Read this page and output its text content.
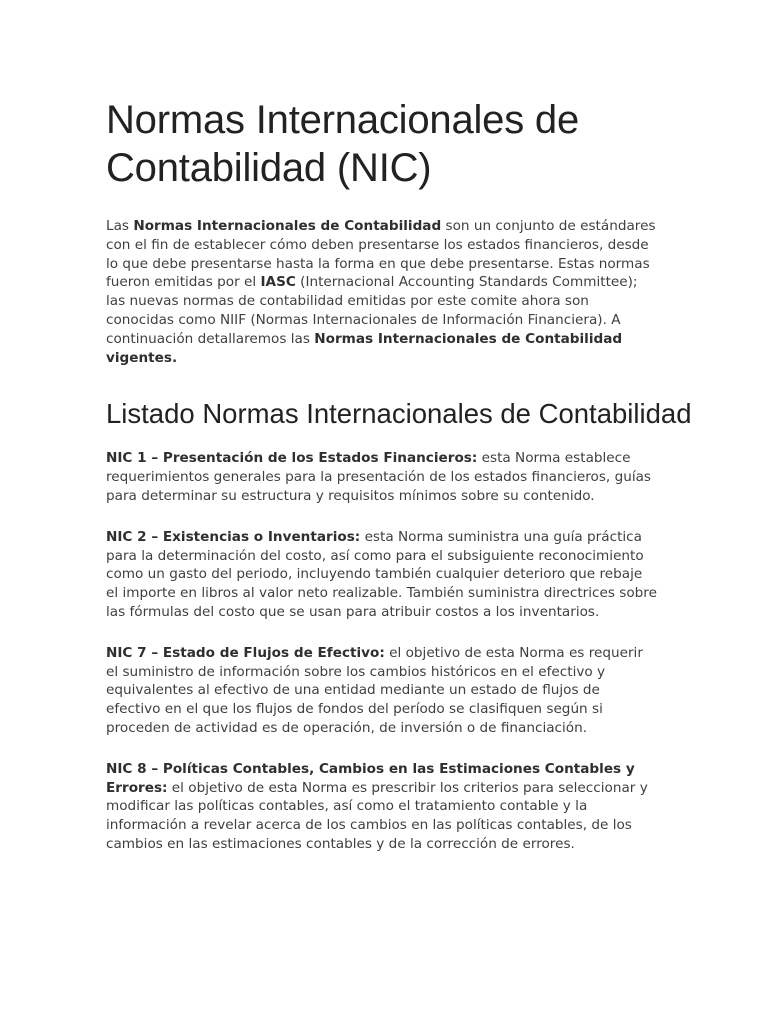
Normas Internacionales de Contabilidad (NIC)

Las Normas Internacionales de Contabilidad son un conjunto de estándares con el fin de establecer cómo deben presentarse los estados financieros, desde lo que debe presentarse hasta la forma en que debe presentarse. Estas normas fueron emitidas por el IASC (Internacional Accounting Standards Committee); las nuevas normas de contabilidad emitidas por este comite ahora son conocidas como NIIF (Normas Internacionales de Información Financiera). A continuación detallaremos las Normas Internacionales de Contabilidad vigentes.

Listado Normas Internacionales de Contabilidad

NIC 1 – Presentación de los Estados Financieros: esta Norma establece requerimientos generales para la presentación de los estados financieros, guías para determinar su estructura y requisitos mínimos sobre su contenido.

NIC 2 – Existencias o Inventarios: esta Norma suministra una guía práctica para la determinación del costo, así como para el subsiguiente reconocimiento como un gasto del periodo, incluyendo también cualquier deterioro que rebaje el importe en libros al valor neto realizable. También suministra directrices sobre las fórmulas del costo que se usan para atribuir costos a los inventarios.

NIC 7 – Estado de Flujos de Efectivo: el objetivo de esta Norma es requerir el suministro de información sobre los cambios históricos en el efectivo y equivalentes al efectivo de una entidad mediante un estado de flujos de efectivo en el que los flujos de fondos del período se clasifiquen según si proceden de actividad es de operación, de inversión o de financiación.

NIC 8 – Políticas Contables, Cambios en las Estimaciones Contables y Errores: el objetivo de esta Norma es prescribir los criterios para seleccionar y modificar las políticas contables, así como el tratamiento contable y la información a revelar acerca de los cambios en las políticas contables, de los cambios en las estimaciones contables y de la corrección de errores.
